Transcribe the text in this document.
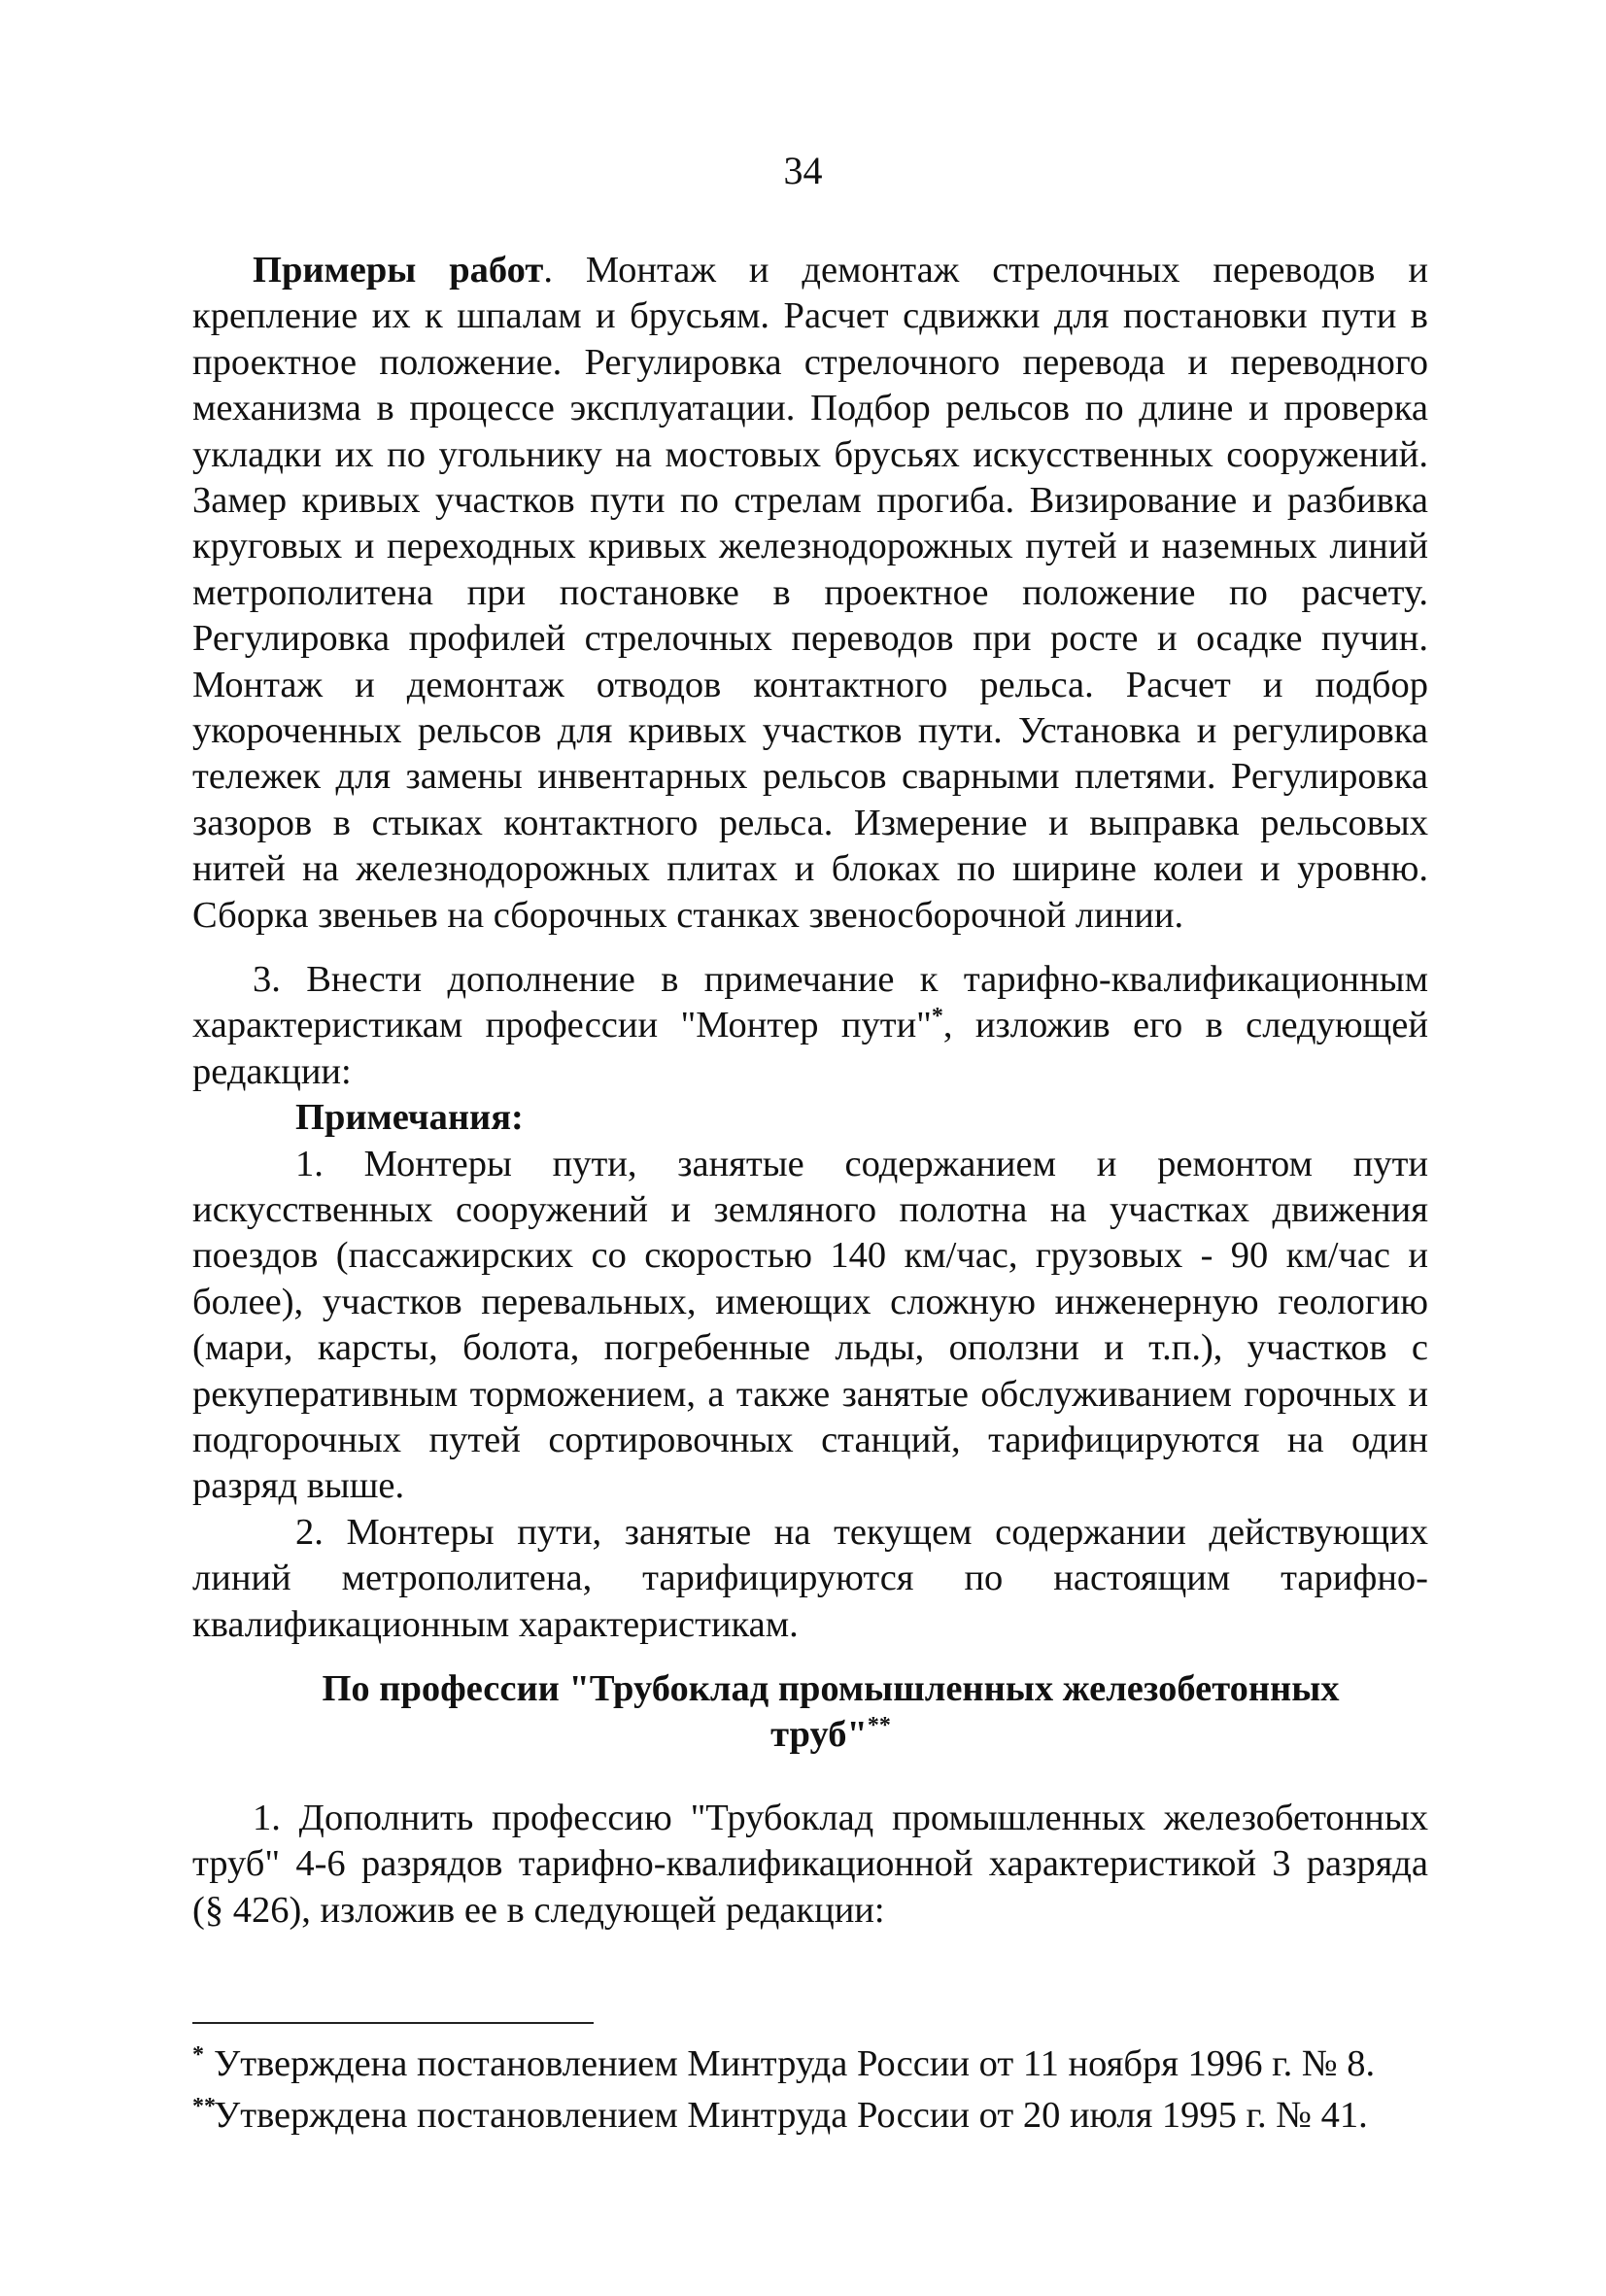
34

Примеры работ. Монтаж и демонтаж стрелочных переводов и крепление их к шпалам и брусьям. Расчет сдвижки для постановки пути в проектное положение. Регулировка стрелочного перевода и переводного механизма в процессе эксплуатации. Подбор рельсов по длине и проверка укладки их по угольнику на мостовых брусьях искусственных сооружений. Замер кривых участков пути по стрелам прогиба. Визирование и разбивка круговых и переходных кривых железнодорожных путей и наземных линий метрополитена при постановке в проектное положение по расчету. Регулировка профилей стрелочных переводов при росте и осадке пучин. Монтаж и демонтаж отводов контактного рельса. Расчет и подбор укороченных рельсов для кривых участков пути. Установка и регулировка тележек для замены инвентарных рельсов сварными плетями. Регулировка зазоров в стыках контактного рельса. Измерение и выправка рельсовых нитей на железнодорожных плитах и блоках по ширине колеи и уровню. Сборка звеньев на сборочных станках звеносборочной линии.

3. Внести дополнение в примечание к тарифно-квалификационным характеристикам профессии "Монтер пути"*, изложив его в следующей редакции:

Примечания:

1. Монтеры пути, занятые содержанием и ремонтом пути искусственных сооружений и земляного полотна на участках движения поездов (пассажирских со скоростью 140 км/час, грузовых - 90 км/час и более), участков перевальных, имеющих сложную инженерную геологию (мари, карсты, болота, погребенные льды, оползни и т.п.), участков с рекуперативным торможением, а также занятые обслуживанием горочных и подгорочных путей сортировочных станций, тарифицируются на один разряд выше.

2. Монтеры пути, занятые на текущем содержании действующих линий метрополитена, тарифицируются по настоящим тарифно-квалификационным характеристикам.

По профессии "Трубоклад промышленных железобетонных труб"**

1. Дополнить профессию "Трубоклад промышленных железобетонных труб" 4-6 разрядов тарифно-квалификационной характеристикой 3 разряда (§ 426), изложив ее в следующей редакции:

* Утверждена постановлением Минтруда России от 11 ноября 1996 г. № 8.
**Утверждена постановлением Минтруда России от 20 июля 1995 г. № 41.
